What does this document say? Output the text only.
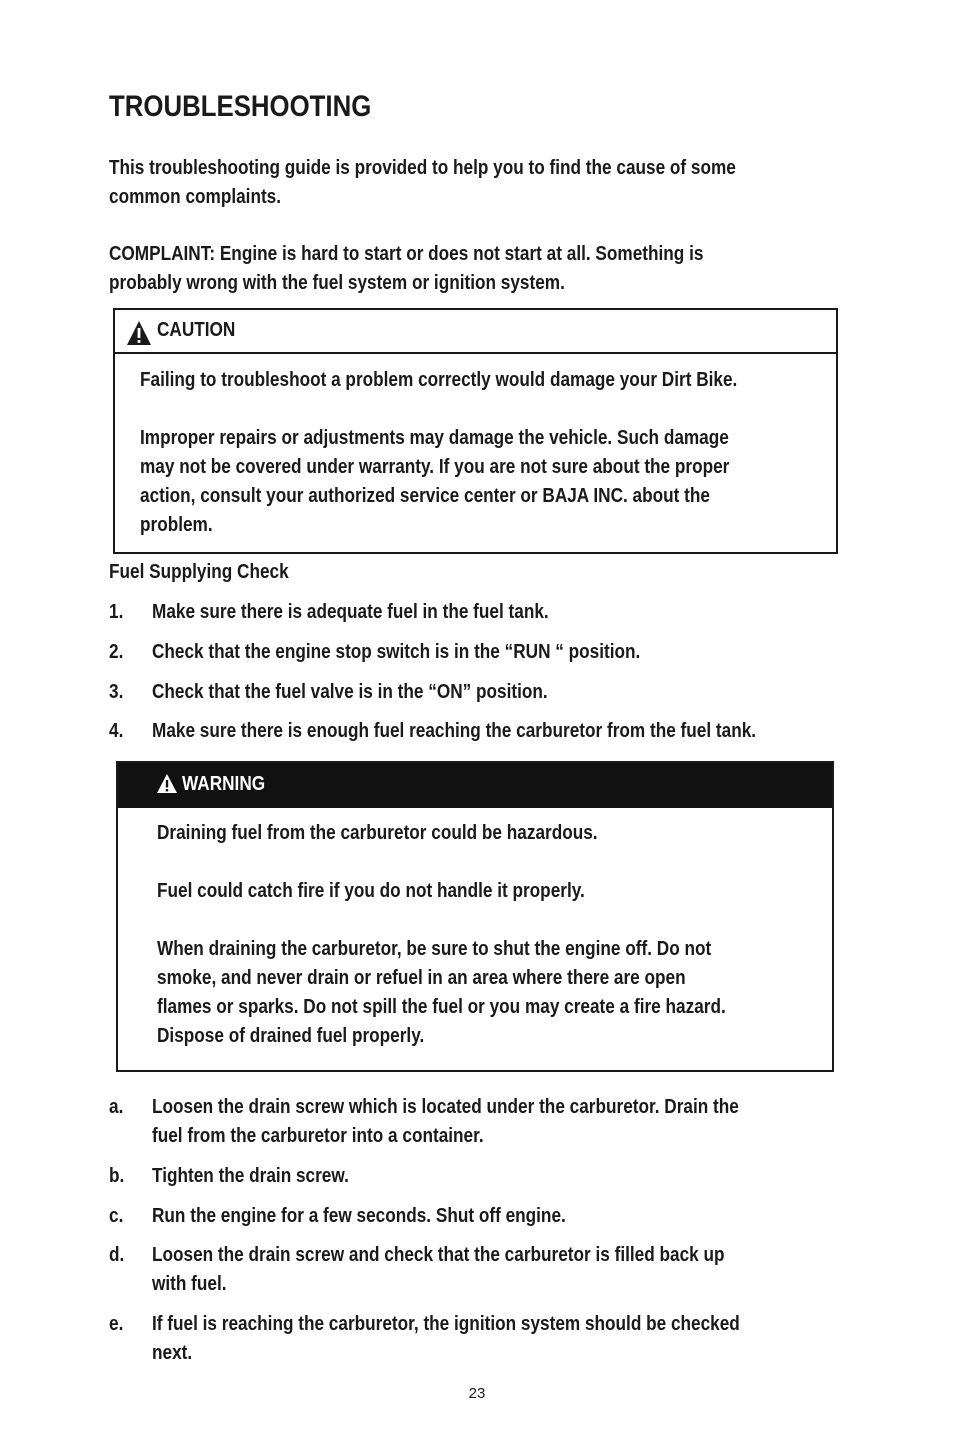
TROUBLESHOOTING
This troubleshooting guide is provided to help you to find the cause of some
common complaints.
COMPLAINT: Engine is hard to start or does not start at all. Something is
probably wrong with the fuel system or ignition system.
CAUTION
Failing to troubleshoot a problem correctly would damage your Dirt Bike.
Improper repairs or adjustments may damage the vehicle. Such damage
may not be covered under warranty. If you are not sure about the proper
action, consult your authorized service center or BAJA INC. about the
problem.
Fuel Supplying Check
1. Make sure there is adequate fuel in the fuel tank.
2. Check that the engine stop switch is in the “RUN “ position.
3. Check that the fuel valve is in the “ON” position.
4. Make sure there is enough fuel reaching the carburetor from the fuel tank.
WARNING
Draining fuel from the carburetor could be hazardous.
Fuel could catch fire if you do not handle it properly.
When draining the carburetor, be sure to shut the engine off. Do not
smoke, and never drain or refuel in an area where there are open
flames or sparks. Do not spill the fuel or you may create a fire hazard.
Dispose of drained fuel properly.
a. Loosen the drain screw which is located under the carburetor. Drain the
fuel from the carburetor into a container.
b. Tighten the drain screw.
c. Run the engine for a few seconds. Shut off engine.
d. Loosen the drain screw and check that the carburetor is filled back up
with fuel.
e. If fuel is reaching the carburetor, the ignition system should be checked
next.
23
